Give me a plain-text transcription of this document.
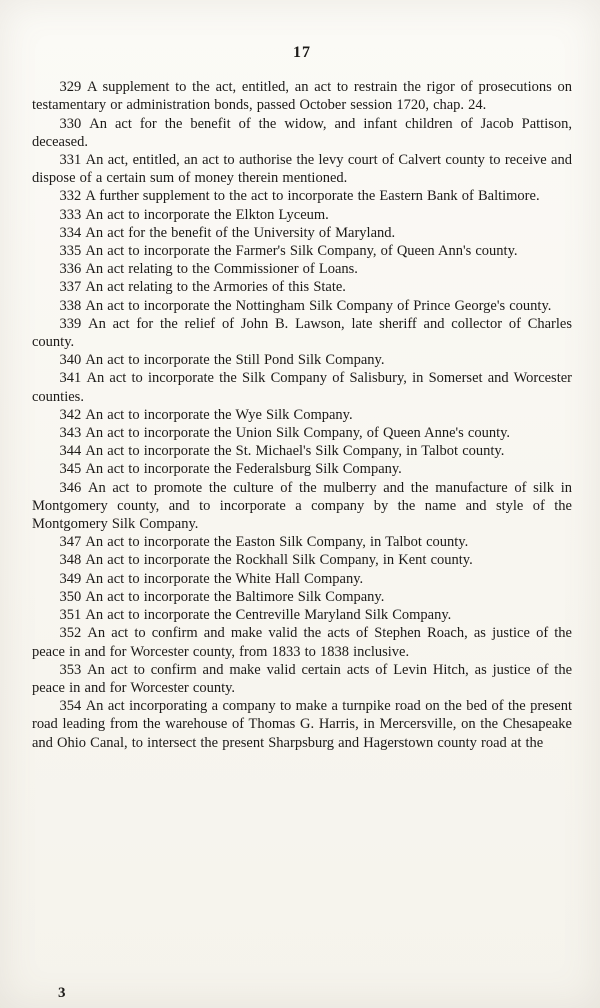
17

329 A supplement to the act, entitled, an act to restrain the rigor of prosecutions on testamentary or administration bonds, passed October session 1720, chap. 24.

330 An act for the benefit of the widow, and infant children of Jacob Pattison, deceased.

331 An act, entitled, an act to authorise the levy court of Calvert county to receive and dispose of a certain sum of money therein mentioned.

332 A further supplement to the act to incorporate the Eastern Bank of Baltimore.

333 An act to incorporate the Elkton Lyceum.

334 An act for the benefit of the University of Maryland.

335 An act to incorporate the Farmer's Silk Company, of Queen Ann's county.

336 An act relating to the Commissioner of Loans.

337 An act relating to the Armories of this State.

338 An act to incorporate the Nottingham Silk Company of Prince George's county.

339 An act for the relief of John B. Lawson, late sheriff and collector of Charles county.

340 An act to incorporate the Still Pond Silk Company.

341 An act to incorporate the Silk Company of Salisbury, in Somerset and Worcester counties.

342 An act to incorporate the Wye Silk Company.

343 An act to incorporate the Union Silk Company, of Queen Anne's county.

344 An act to incorporate the St. Michael's Silk Company, in Talbot county.

345 An act to incorporate the Federalsburg Silk Company.

346 An act to promote the culture of the mulberry and the manufacture of silk in Montgomery county, and to incorporate a company by the name and style of the Montgomery Silk Company.

347 An act to incorporate the Easton Silk Company, in Talbot county.

348 An act to incorporate the Rockhall Silk Company, in Kent county.

349 An act to incorporate the White Hall Company.

350 An act to incorporate the Baltimore Silk Company.

351 An act to incorporate the Centreville Maryland Silk Company.

352 An act to confirm and make valid the acts of Stephen Roach, as justice of the peace in and for Worcester county, from 1833 to 1838 inclusive.

353 An act to confirm and make valid certain acts of Levin Hitch, as justice of the peace in and for Worcester county.

354 An act incorporating a company to make a turnpike road on the bed of the present road leading from the warehouse of Thomas G. Harris, in Mercersville, on the Chesapeake and Ohio Canal, to intersect the present Sharpsburg and Hagerstown county road at the

3
